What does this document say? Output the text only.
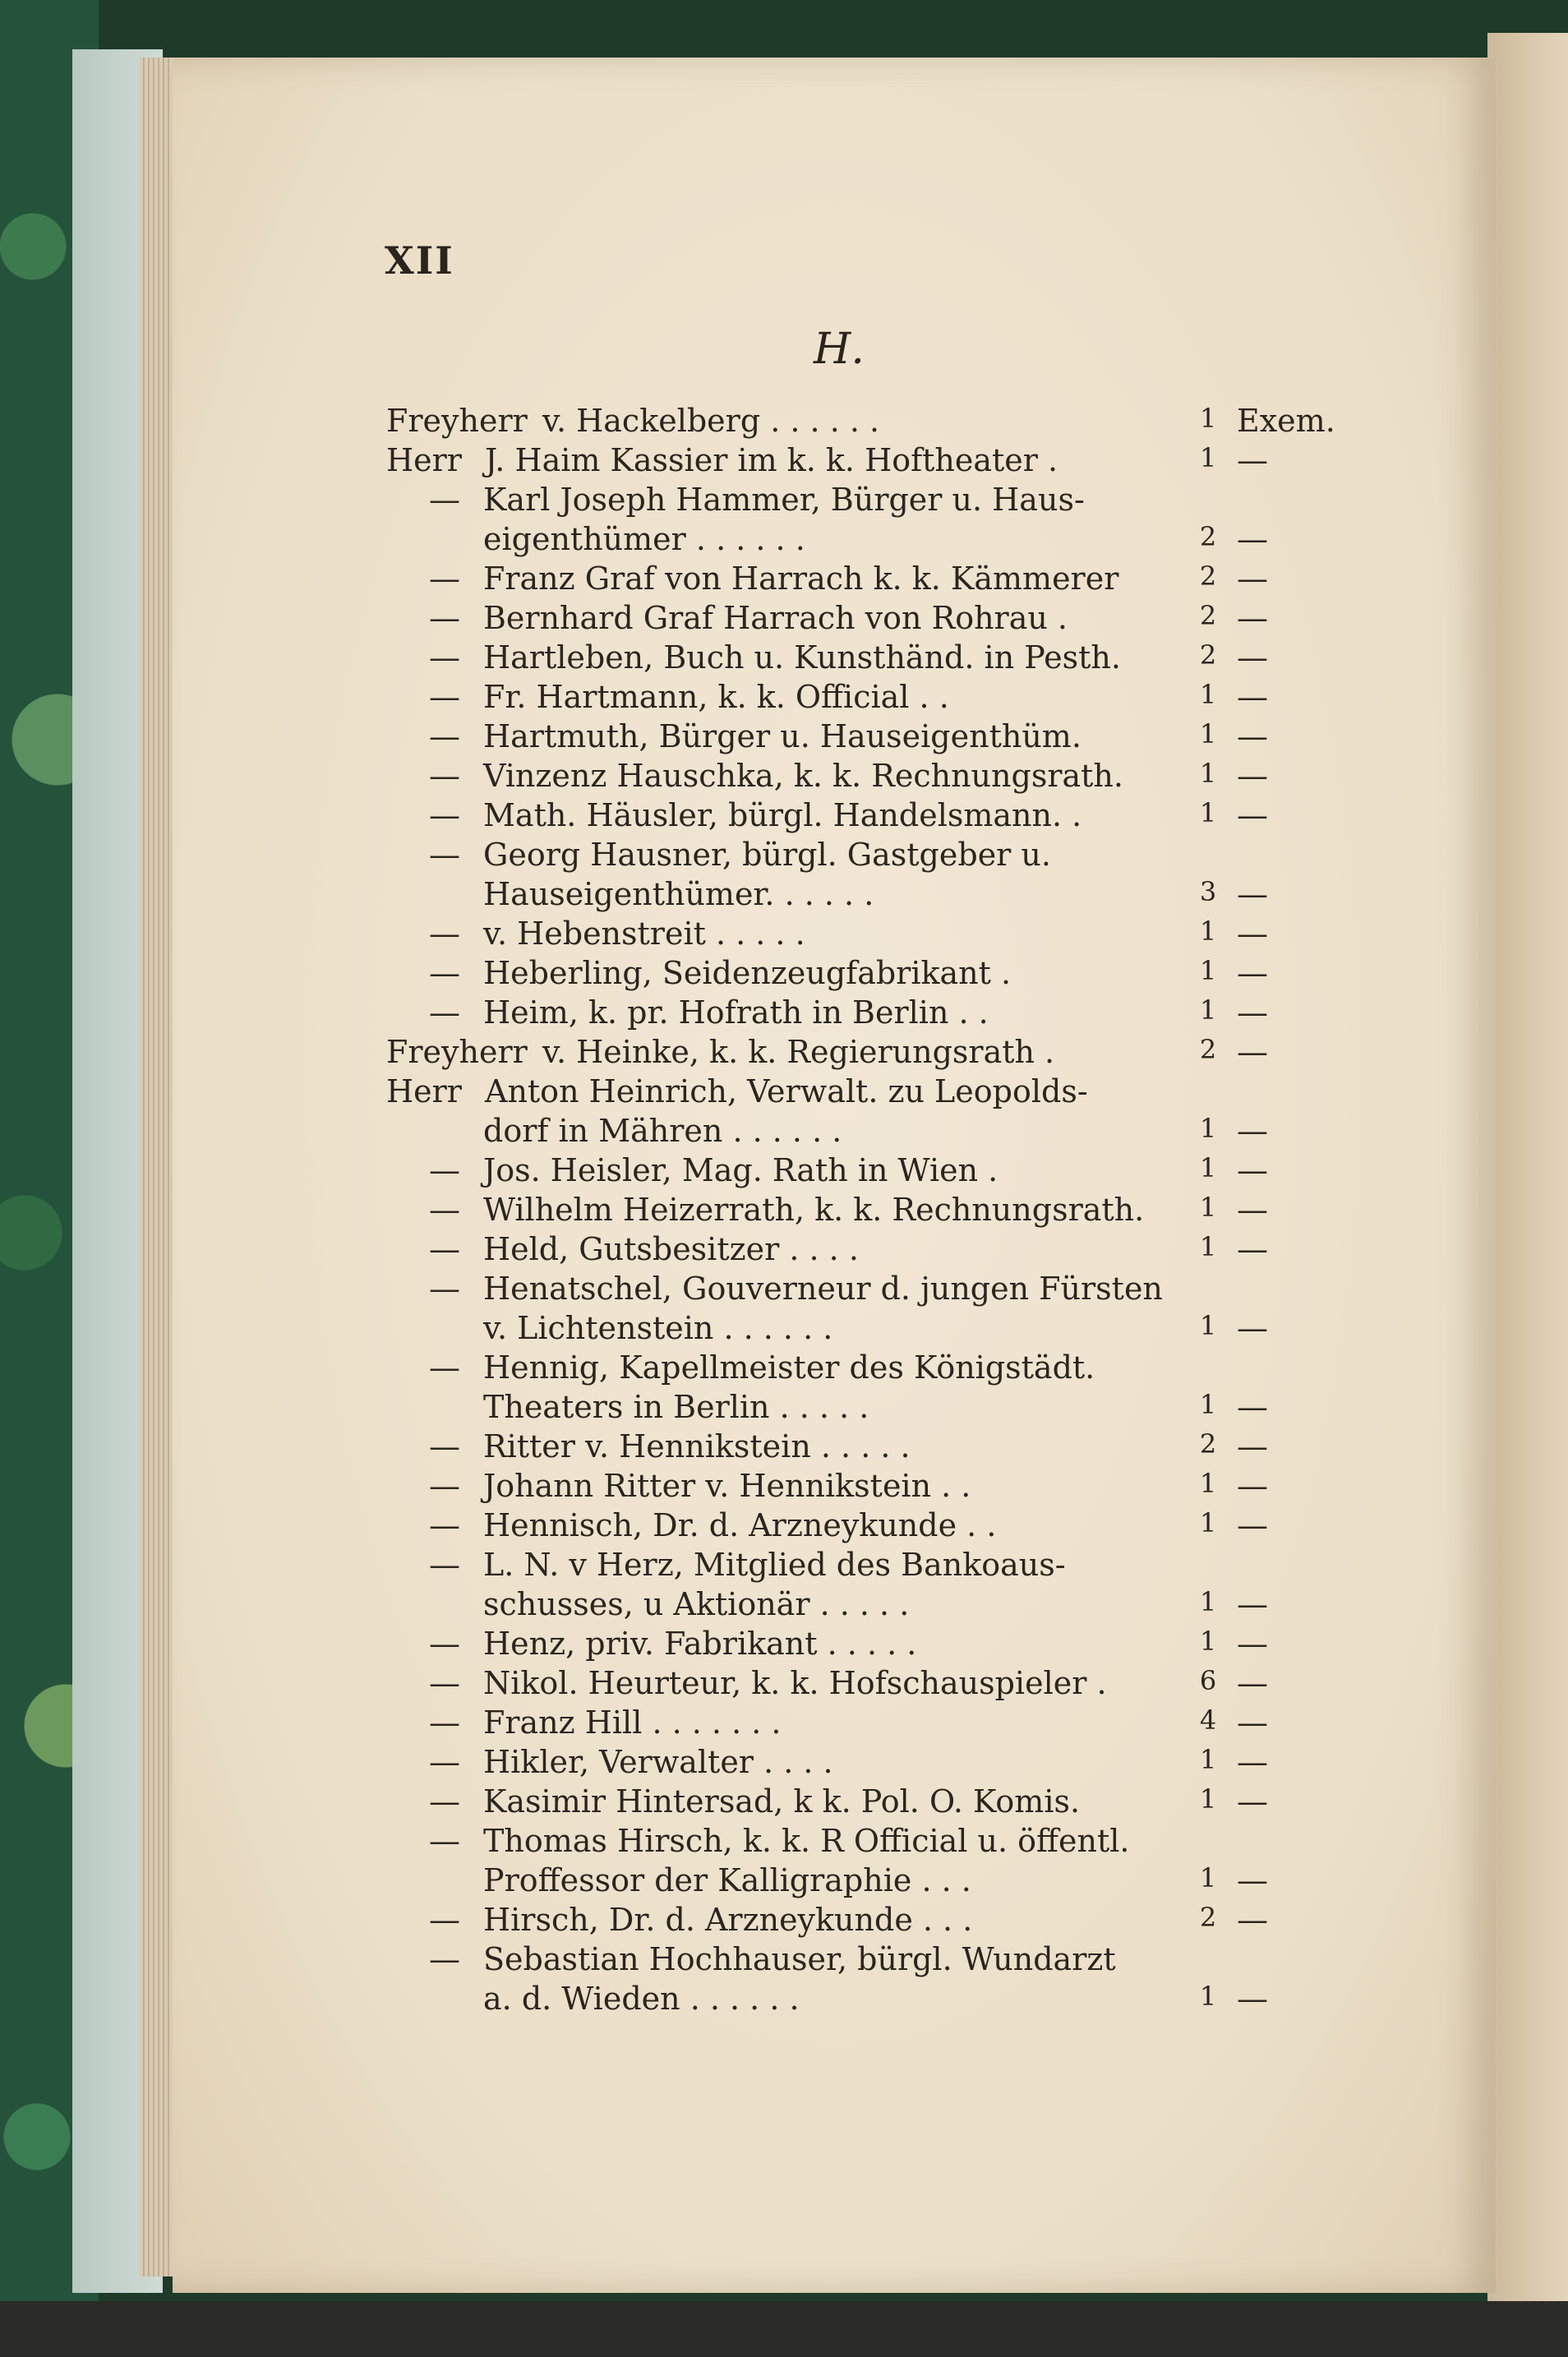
XII
H.
Freyherr v. Hackelberg . . . . . .	1 Exem.
Herr J. Haim Kassier im k. k. Hoftheater .	1 —
— Karl Joseph Hammer, Bürger u. Haus-
eigenthümer . . . . . .	2 —
— Franz Graf von Harrach k. k. Kämmerer	2 —
— Bernhard Graf Harrach von Rohrau .	2 —
— Hartleben, Buch u. Kunsthänd. in Pesth.	2 —
— Fr. Hartmann, k. k. Official . .	1 —
— Hartmuth, Bürger u. Hauseigenthüm.	1 —
— Vinzenz Hauschka, k. k. Rechnungsrath.	1 —
— Math. Häusler, bürgl. Handelsmann. .	1 —
— Georg Hausner, bürgl. Gastgeber u.
Hauseigenthümer. . . . . .	3 —
— v. Hebenstreit . . . . .	1 —
— Heberling, Seidenzeugfabrikant .	1 —
— Heim, k. pr. Hofrath in Berlin . .	1 —
Freyherr v. Heinke, k. k. Regierungsrath .	2 —
Herr Anton Heinrich, Verwalt. zu Leopolds-
dorf in Mähren . . . . . .	1 —
— Jos. Heisler, Mag. Rath in Wien .	1 —
— Wilhelm Heizerrath, k. k. Rechnungsrath.	1 —
— Held, Gutsbesitzer . . . .	1 —
— Henatschel, Gouverneur d. jungen Fürsten
v. Lichtenstein . . . . . .	1 —
— Hennig, Kapellmeister des Königstädt.
Theaters in Berlin . . . . .	1 —
— Ritter v. Hennikstein . . . . .	2 —
— Johann Ritter v. Hennikstein . .	1 —
— Hennisch, Dr. d. Arzneykunde . .	1 —
— L. N. v Herz, Mitglied des Bankoaus-
schusses, u Aktionär . . . . .	1 —
— Henz, priv. Fabrikant . . . . .	1 —
— Nikol. Heurteur, k. k. Hofschauspieler .	6 —
— Franz Hill . . . . . . .	4 —
— Hikler, Verwalter . . . .	1 —
— Kasimir Hintersad, k k. Pol. O. Komis.	1 —
— Thomas Hirsch, k. k. R Official u. öffentl.
Proffessor der Kalligraphie . . .	1 —
— Hirsch, Dr. d. Arzneykunde . . .	2 —
— Sebastian Hochhauser, bürgl. Wundarzt
a. d. Wieden . . . . . .	1 —
